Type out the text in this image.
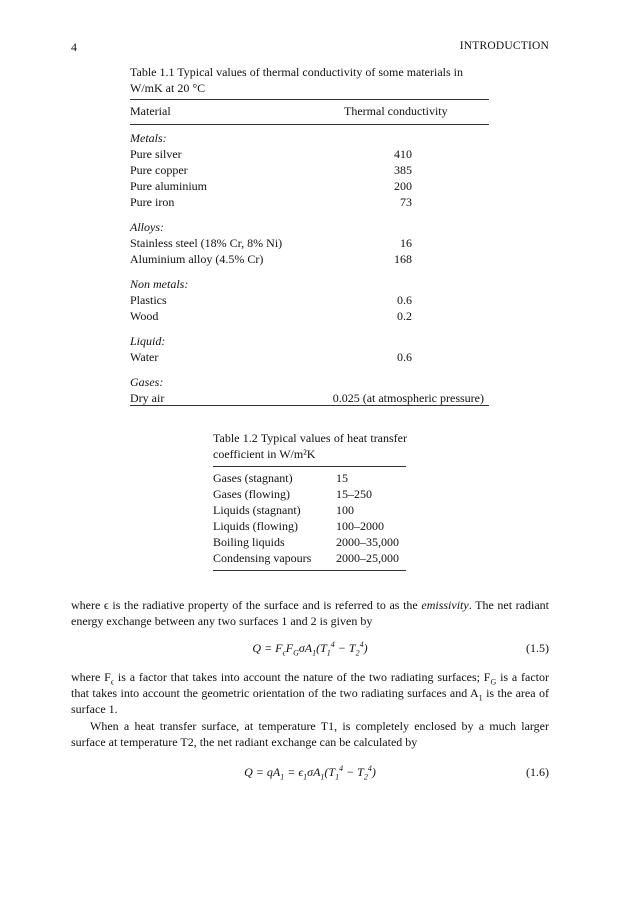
4	INTRODUCTION
Table 1.1 Typical values of thermal conductivity of some materials in W/mK at 20 °C
Material	Thermal conductivity
Metals:
Pure silver	410
Pure copper	385
Pure aluminium	200
Pure iron	73
Alloys:
Stainless steel (18% Cr, 8% Ni)	16
Aluminium alloy (4.5% Cr)	168
Non metals:
Plastics	0.6
Wood	0.2
Liquid:
Water	0.6
Gases:
Dry air	0.025 (at atmospheric pressure)
Table 1.2 Typical values of heat transfer coefficient in W/m²K
Gases (stagnant)	15
Gases (flowing)	15–250
Liquids (stagnant)	100
Liquids (flowing)	100–2000
Boiling liquids	2000–35,000
Condensing vapours 2000–25,000
where ϵ is the radiative property of the surface and is referred to as the emissivity. The net radiant energy exchange between any two surfaces 1 and 2 is given by
$Q = F_\epsilon F_G\sigma A_1(T_1^4 - T_2^4)$	(1.5)
where $F_\epsilon$ is a factor that takes into account the nature of the two radiating surfaces; $F_G$ is a factor that takes into account the geometric orientation of the two radiating surfaces and $A_1$ is the area of surface 1.
When a heat transfer surface, at temperature T1, is completely enclosed by a much larger surface at temperature T2, the net radiant exchange can be calculated by
$Q = qA_1 = \epsilon_1\sigma A_1(T_1^4 - T_2^4)$	(1.6)
